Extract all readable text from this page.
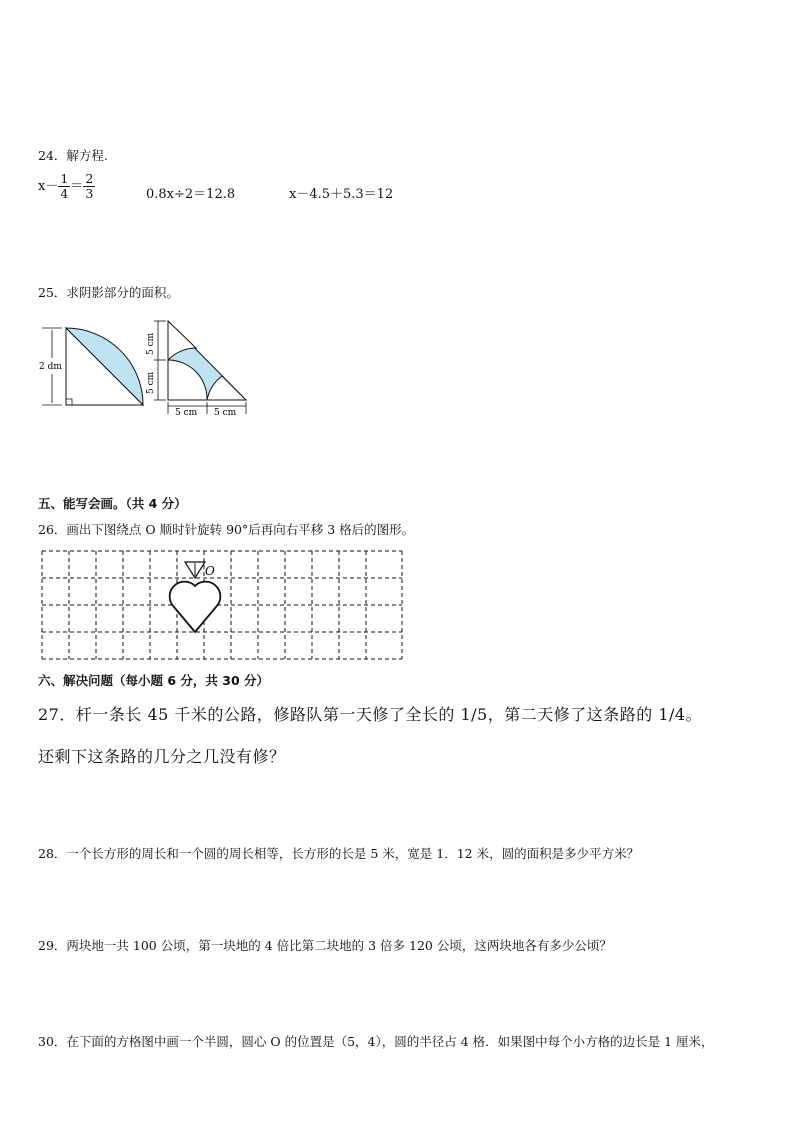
24．解方程.
$x- \frac{1}{4} = \frac{2}{3}$	0.8x÷2＝12.8	x－4.5＋5.3＝12
25．求阴影部分的面积。
2 dm
5 cm
5 cm
5 cm 5 cm
五、能写会画。（共 4 分）
26．画出下图绕点 O 顺时针旋转 90°后再向右平移 3 格后的图形。
O
六、解决问题（每小题 6 分，共 30 分）
27．杆一条长 45 千米的公路，修路队第一天修了全长的 1/5，第二天修了这条路的 1/4。
还剩下这条路的几分之几没有修？
28．一个长方形的周长和一个圆的周长相等，长方形的长是 5 米，宽是 1．12 米，圆的面积是多少平方米？
29．两块地一共 100 公顷，第一块地的 4 倍比第二块地的 3 倍多 120 公顷，这两块地各有多少公顷？
30．在下面的方格图中画一个半圆，圆心 O 的位置是（5，4），圆的半径占 4 格．如果图中每个小方格的边长是 1 厘米，
